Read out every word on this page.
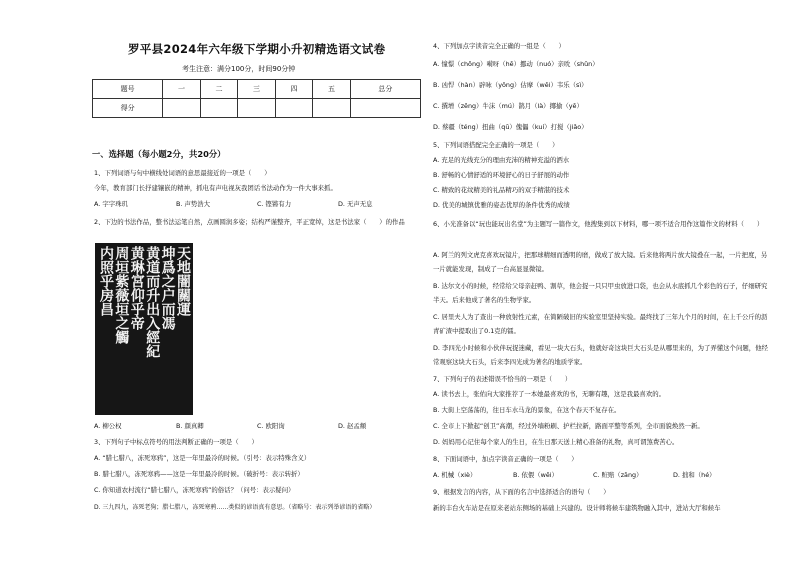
罗平县2024年六年级下学期小升初精选语文试卷
考生注意：满分100分，时间90分钟
题号	一	二	三	四	五	总分
得分						
一、选择题（每小题2分，共20分）
1、下列词语与句中横线处词语的意思最接近的一项是（　　）
今年，教育部门长抒建镶嵌的精神，抓电有声电视灰我团话书法动作为一件大事来抓。
A. 字字珠玑	B. 声势浩大	C. 铿锵有力	D. 无声无息
2、下边的书法作品，整书法运笔自然，点画圆润多姿；结构严谨整齐，平正宽绰，这是书法家（　　）的作品
天地闇關運
坤爲之户而馮
黄道而升出入經紀
黄琳宮仰乎帝
周垣紫薇垣之觸
内照乎房昌
A. 柳公权	B. 颜真卿	C. 欧阳询	D. 赵孟頫
3、下列句子中标点符号的用法判断正确的一项是（　　）
A. “腊七腊八，冻死寒鸦”，这是一年里最冷的时候。（引号：表示特殊含义）
B. 腊七腊八，冻死寒鸦——这是一年里最冷的时候。（破折号：表示转折）
C. 你知道农村流行“腊七腊八，冻死寒鸦”的俗话？（问号：表示疑问）
D. 三九四九，冻死老狗；腊七腊八，冻死寒鸦……类似的谚语真有意思。（省略号：表示列举谚语的省略）
4、下列加点字读音完全正确的一组是（　　）
A. 憧憬（chōng）嗬呀（hē）挪动（nuó）亲吮（shǔn）
B. 凶悍（hàn）辟咏（yǒng）估摩（wěi）韦乐（sì）
C. 撰增（zēng）牛沫（mú）鹊月（là）揶揄（yē）
D. 蔡疆（téng）扭曲（qū）傀儡（kuí）打搅（jiǎo）
5、下列词语搭配完全正确的一项是（　　）
A. 充足的光线充分的理由充沛的精神充溢的洒水
B. 舒畅的心情舒适的环境舒心的日子舒展的动作
C. 精致的花纹精美的礼品精巧的双手精湛的技术
D. 优美的城镇优雅的姿态优厚的条件优秀的成绩
6、小光准备以“玩也能玩出名堂”为主题写一篇作文，他搜集到以下材料，哪一项不适合用作这篇作文的材料（　　）
A. 阿兰的列文虎克喜欢玩镜片，把那球精细而透明的磨，做成了放大镜。后来他将两片放大镜叠在一起，一片把度，另一片就能发现，制成了一台高显显微镜。
B. 达尔文小的时候，经常给父母亲赶鸭、割草，他会捉一只只甲虫放进口袋，也会从水底抓几个彩色的石子，仔细研究半天。后来他成了著名的生物学家。
C. 居里夫人为了查出一种放射性元素，在简陋破旧的实验室里坚持实验。最终找了三年九个月的时间，在上千公斤的沥青矿渣中提取出了0.1克的镭。
D. 李四光小时候和小伙伴玩捉迷藏，看见一块大石头，他就好奇这块巨大石头是从哪里来的，为了弄懂这个问题，他经常观察这块大石头，后来李四光成为著名的地质学家。
7、下列句子的表述错误不恰当的一项是（　　）
A. 读书去上，张佑向大家推荐了一本她最喜欢的书，无聊有趣，这是我最喜欢的。
B. 大街上空荡荡的，往日车水马龙的景象，在这个春天不复存在。
C. 全市上下掀起“创卫”高潮，经过外墙粉刷、护栏拉新，路面平整等系列，全市面貌焕然一新。
D. 妈妈用心记住每个家人的生日，在生日那天送上精心准备的礼物，真可谓煞费苦心。
8、下面词语中，加点字读音正确的一项是（　　）
A. 机械（xiè）	B. 依偎（wēi）	C. 赃赔（zāng）	D. 拙和（hé）
9、根据发言的内容，从下面的名言中选择适合的语句（　　）
新的丰台火车站是在原来老站东侧场的基础上兴建的。设计师将候车建筑物融入其中，进站大厅和候车
